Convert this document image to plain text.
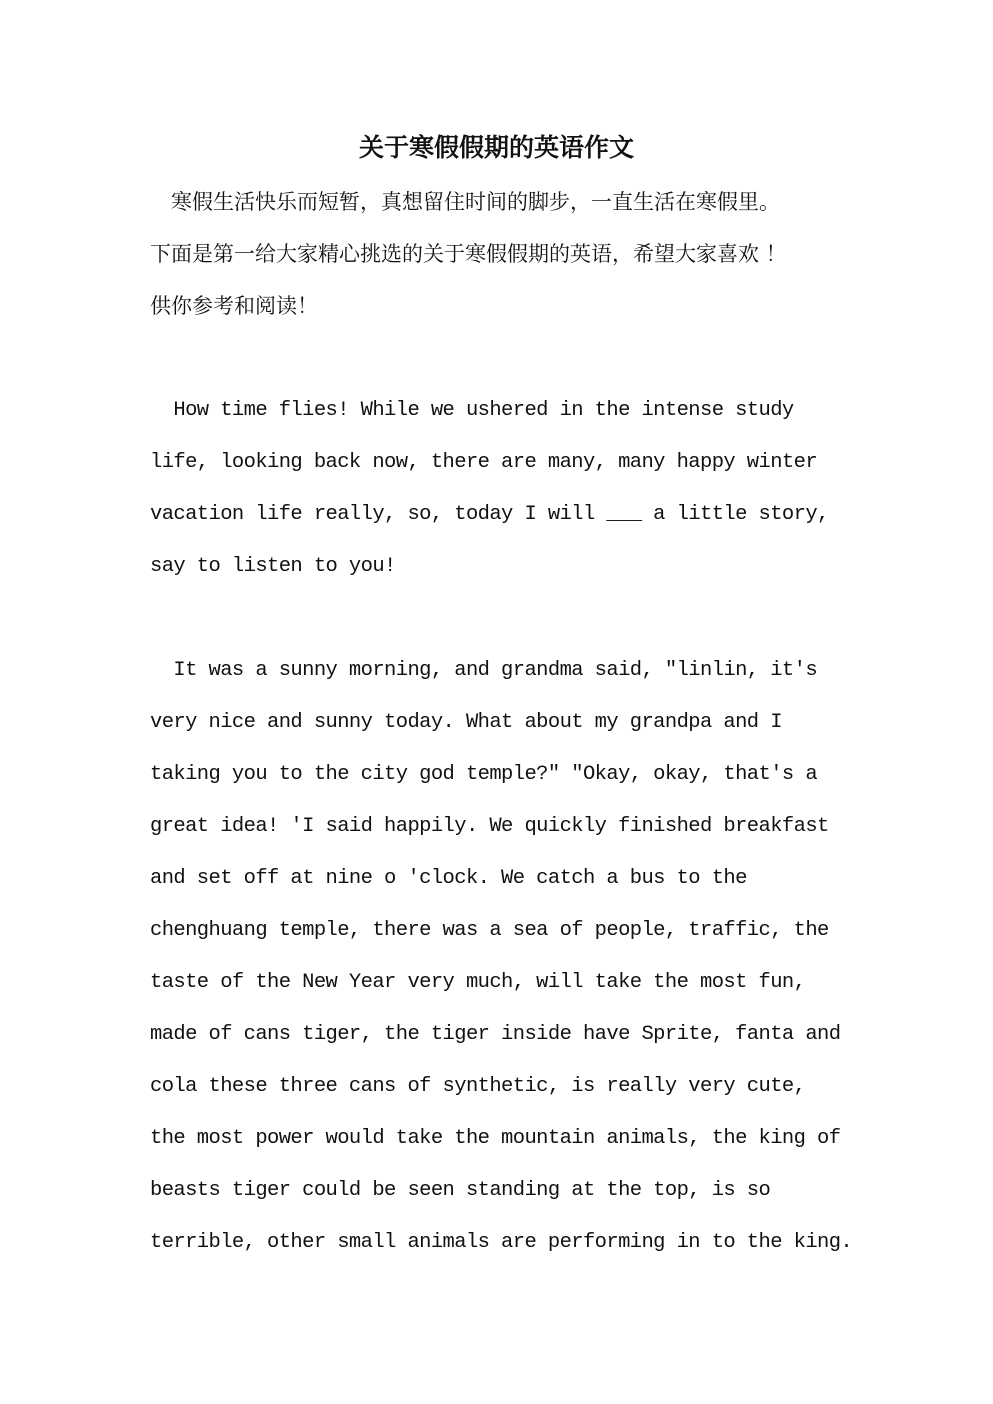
关于寒假假期的英语作文
　寒假生活快乐而短暂，真想留住时间的脚步，一直生活在寒假里。
下面是第一给大家精心挑选的关于寒假假期的英语，希望大家喜欢 ！
供你参考和阅读！
How time flies! While we ushered in the intense study
life, looking back now, there are many, many happy winter
vacation life really, so, today I will ___ a little story,
say to listen to you!
It was a sunny morning, and grandma said, "linlin, it's
very nice and sunny today. What about my grandpa and I
taking you to the city god temple?" "Okay, okay, that's a
great idea! 'I said happily. We quickly finished breakfast
and set off at nine o 'clock. We catch a bus to the
chenghuang temple, there was a sea of people, traffic, the
taste of the New Year very much, will take the most fun,
made of cans tiger, the tiger inside have Sprite, fanta and
cola these three cans of synthetic, is really very cute,
the most power would take the mountain animals, the king of
beasts tiger could be seen standing at the top, is so
terrible, other small animals are performing in to the king.
